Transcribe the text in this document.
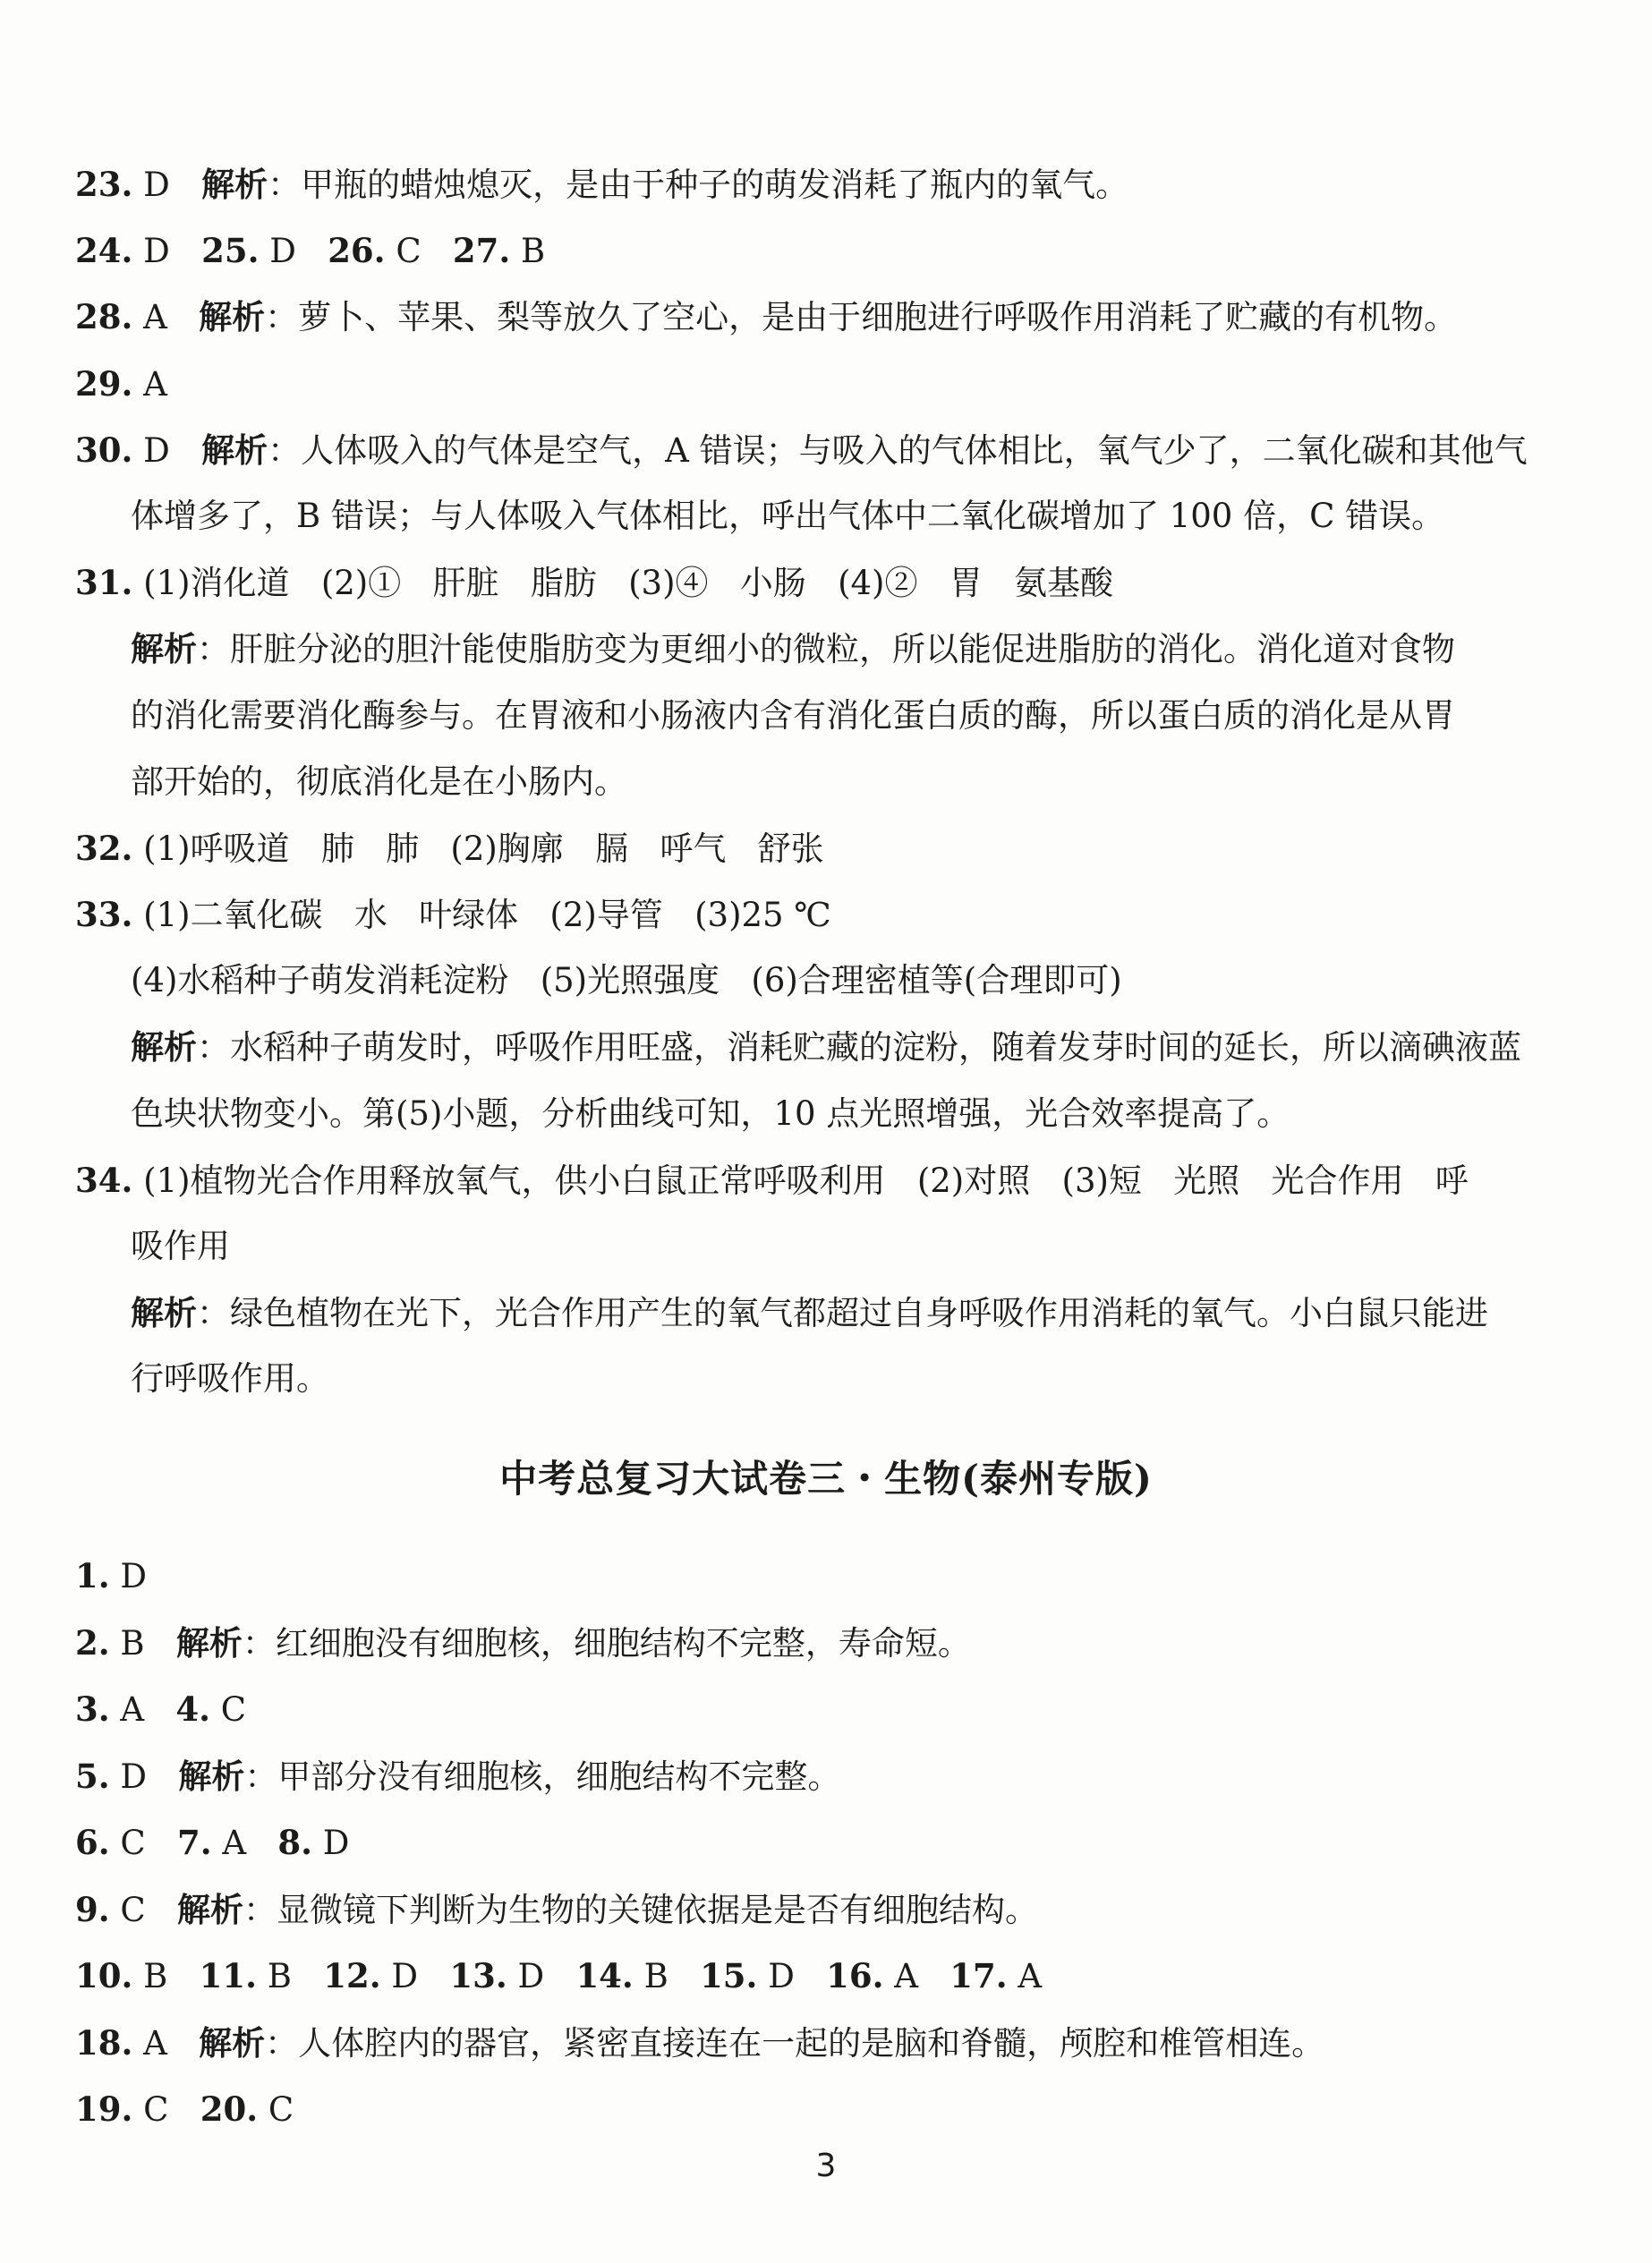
23. D   解析：甲瓶的蜡烛熄灭，是由于种子的萌发消耗了瓶内的氧气。
24. D   25. D   26. C   27. B
28. A   解析：萝卜、苹果、梨等放久了空心，是由于细胞进行呼吸作用消耗了贮藏的有机物。
29. A
30. D   解析：人体吸入的气体是空气，A 错误；与吸入的气体相比，氧气少了，二氧化碳和其他气
体增多了，B 错误；与人体吸入气体相比，呼出气体中二氧化碳增加了 100 倍，C 错误。
31. (1)消化道   (2)①   肝脏   脂肪   (3)④   小肠   (4)②   胃   氨基酸
解析：肝脏分泌的胆汁能使脂肪变为更细小的微粒，所以能促进脂肪的消化。消化道对食物
的消化需要消化酶参与。在胃液和小肠液内含有消化蛋白质的酶，所以蛋白质的消化是从胃
部开始的，彻底消化是在小肠内。
32. (1)呼吸道   肺   肺   (2)胸廓   膈   呼气   舒张
33. (1)二氧化碳   水   叶绿体   (2)导管   (3)25 ℃
(4)水稻种子萌发消耗淀粉   (5)光照强度   (6)合理密植等(合理即可)
解析：水稻种子萌发时，呼吸作用旺盛，消耗贮藏的淀粉，随着发芽时间的延长，所以滴碘液蓝
色块状物变小。第(5)小题，分析曲线可知，10 点光照增强，光合效率提高了。
34. (1)植物光合作用释放氧气，供小白鼠正常呼吸利用   (2)对照   (3)短   光照   光合作用   呼
吸作用
解析：绿色植物在光下，光合作用产生的氧气都超过自身呼吸作用消耗的氧气。小白鼠只能进
行呼吸作用。
中考总复习大试卷三・生物(泰州专版)
1. D
2. B   解析：红细胞没有细胞核，细胞结构不完整，寿命短。
3. A   4. C
5. D   解析：甲部分没有细胞核，细胞结构不完整。
6. C   7. A   8. D
9. C   解析：显微镜下判断为生物的关键依据是是否有细胞结构。
10. B   11. B   12. D   13. D   14. B   15. D   16. A   17. A
18. A   解析：人体腔内的器官，紧密直接连在一起的是脑和脊髓，颅腔和椎管相连。
19. C   20. C
3
